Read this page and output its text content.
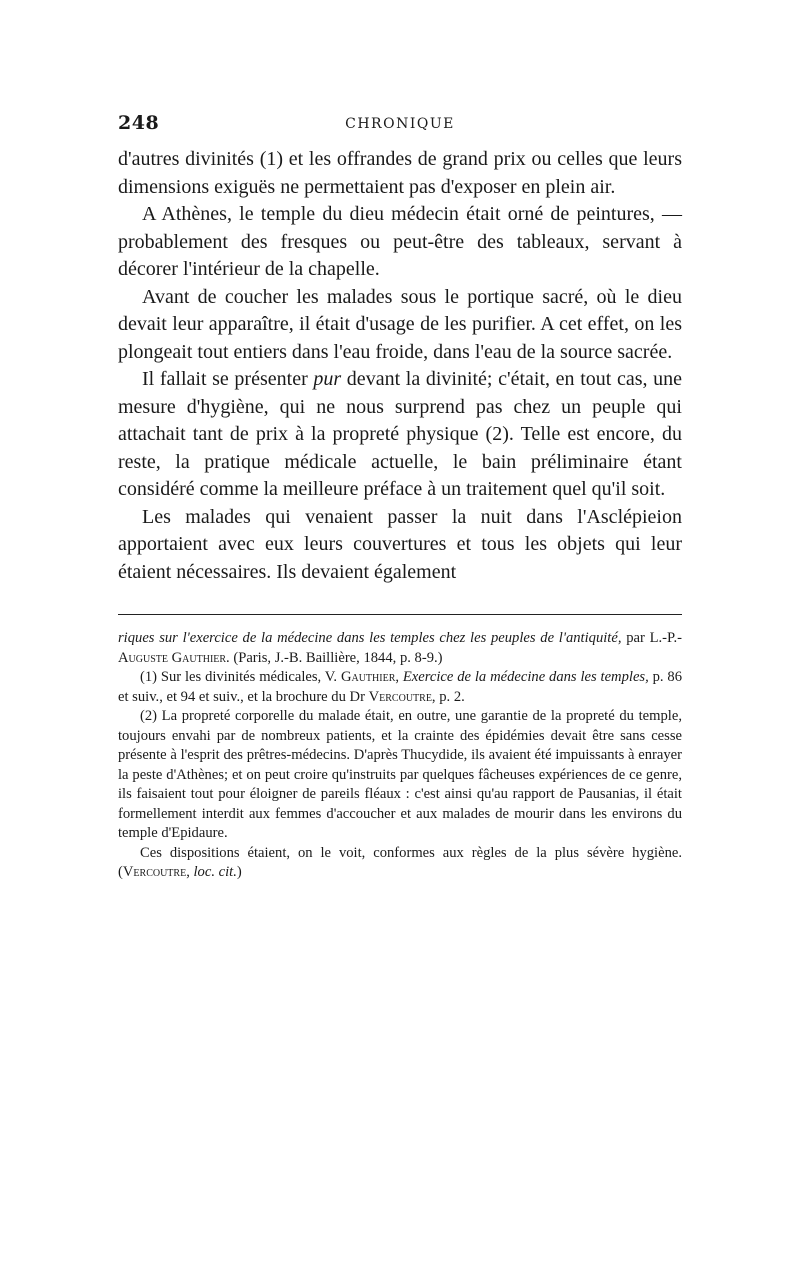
248	CHRONIQUE

d'autres divinités (1) et les offrandes de grand prix ou celles que leurs dimensions exiguës ne permettaient pas d'exposer en plein air.

A Athènes, le temple du dieu médecin était orné de peintures, — probablement des fresques ou peut-être des tableaux, servant à décorer l'intérieur de la chapelle.

Avant de coucher les malades sous le portique sacré, où le dieu devait leur apparaître, il était d'usage de les purifier. A cet effet, on les plongeait tout entiers dans l'eau froide, dans l'eau de la source sacrée.

Il fallait se présenter pur devant la divinité; c'était, en tout cas, une mesure d'hygiène, qui ne nous surprend pas chez un peuple qui attachait tant de prix à la propreté physique (2). Telle est encore, du reste, la pratique médicale actuelle, le bain préliminaire étant considéré comme la meilleure préface à un traitement quel qu'il soit.

Les malades qui venaient passer la nuit dans l'Asclépieion apportaient avec eux leurs couvertures et tous les objets qui leur étaient nécessaires. Ils devaient également

riques sur l'exercice de la médecine dans les temples chez les peuples de l'antiquité, par L.-P.-Auguste Gauthier. (Paris, J.-B. Baillière, 1844, p. 8-9.)

(1) Sur les divinités médicales, V. Gauthier, Exercice de la médecine dans les temples, p. 86 et suiv., et 94 et suiv., et la brochure du Dr Vercoutre, p. 2.

(2) La propreté corporelle du malade était, en outre, une garantie de la propreté du temple, toujours envahi par de nombreux patients, et la crainte des épidémies devait être sans cesse présente à l'esprit des prêtres-médecins. D'après Thucydide, ils avaient été impuissants à enrayer la peste d'Athènes; et on peut croire qu'instruits par quelques fâcheuses expériences de ce genre, ils faisaient tout pour éloigner de pareils fléaux : c'est ainsi qu'au rapport de Pausanias, il était formellement interdit aux femmes d'accoucher et aux malades de mourir dans les environs du temple d'Epidaure.

Ces dispositions étaient, on le voit, conformes aux règles de la plus sévère hygiène. (Vercoutre, loc. cit.)
